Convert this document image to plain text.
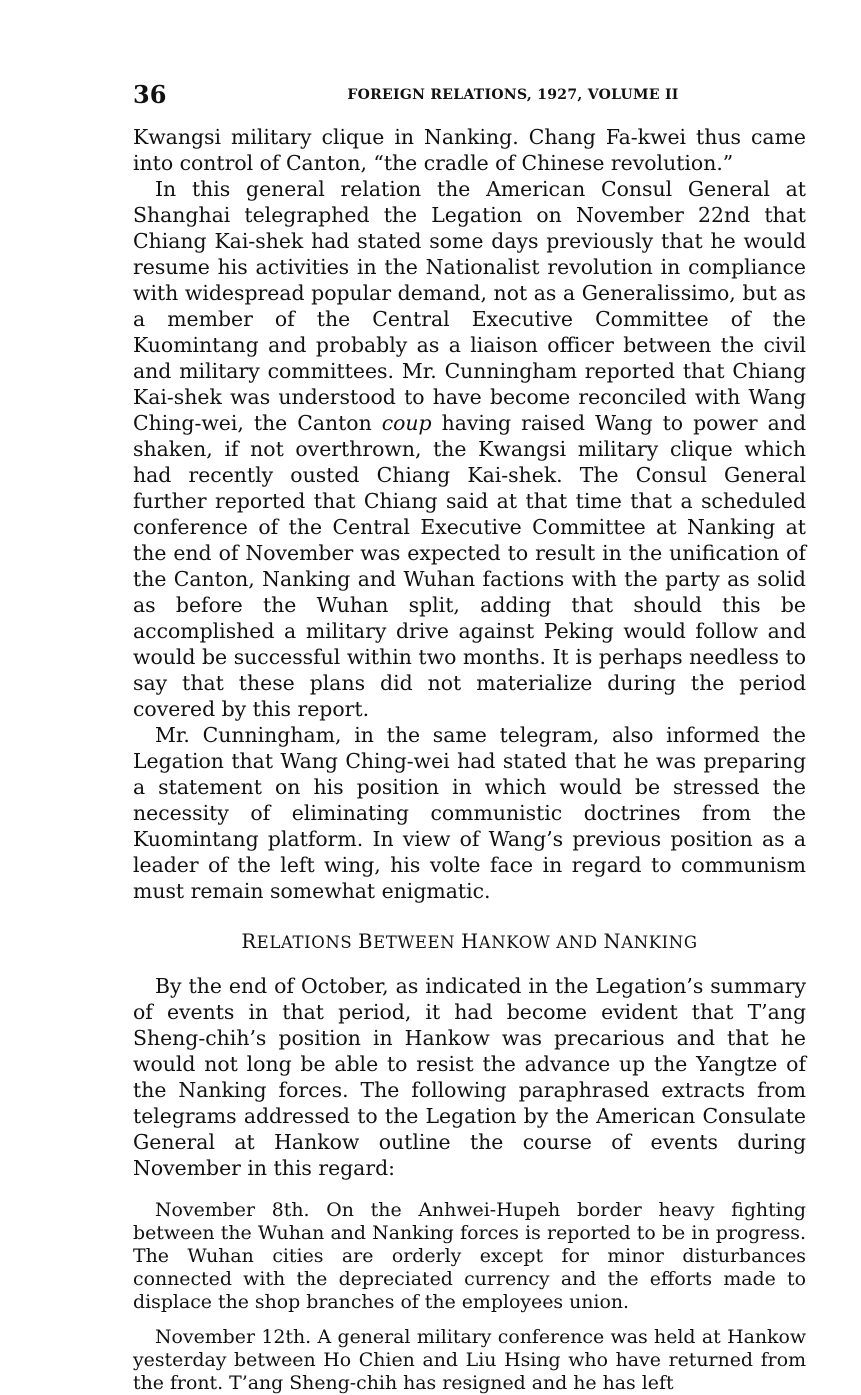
36	FOREIGN RELATIONS, 1927, VOLUME II

Kwangsi military clique in Nanking. Chang Fa-kwei thus came into control of Canton, “the cradle of Chinese revolution.”

In this general relation the American Consul General at Shanghai telegraphed the Legation on November 22nd that Chiang Kai-shek had stated some days previously that he would resume his activities in the Nationalist revolution in compliance with widespread popular demand, not as a Generalissimo, but as a member of the Central Executive Committee of the Kuomintang and probably as a liaison officer between the civil and military committees. Mr. Cunningham reported that Chiang Kai-shek was understood to have become reconciled with Wang Ching-wei, the Canton coup having raised Wang to power and shaken, if not overthrown, the Kwangsi military clique which had recently ousted Chiang Kai-shek. The Consul General further reported that Chiang said at that time that a scheduled conference of the Central Executive Committee at Nanking at the end of November was expected to result in the unification of the Canton, Nanking and Wuhan factions with the party as solid as before the Wuhan split, adding that should this be accomplished a military drive against Peking would follow and would be successful within two months. It is perhaps needless to say that these plans did not materialize during the period covered by this report.

Mr. Cunningham, in the same telegram, also informed the Legation that Wang Ching-wei had stated that he was preparing a statement on his position in which would be stressed the necessity of eliminating communistic doctrines from the Kuomintang platform. In view of Wang’s previous position as a leader of the left wing, his volte face in regard to communism must remain somewhat enigmatic.

RELATIONS BETWEEN HANKOW AND NANKING

By the end of October, as indicated in the Legation’s summary of events in that period, it had become evident that T’ang Sheng-chih’s position in Hankow was precarious and that he would not long be able to resist the advance up the Yangtze of the Nanking forces. The following paraphrased extracts from telegrams addressed to the Legation by the American Consulate General at Hankow outline the course of events during November in this regard:

November 8th. On the Anhwei-Hupeh border heavy fighting between the Wuhan and Nanking forces is reported to be in progress. The Wuhan cities are orderly except for minor disturbances connected with the depreciated currency and the efforts made to displace the shop branches of the employees union.

November 12th. A general military conference was held at Hankow yesterday between Ho Chien and Liu Hsing who have returned from the front. T’ang Sheng-chih has resigned and he has left
